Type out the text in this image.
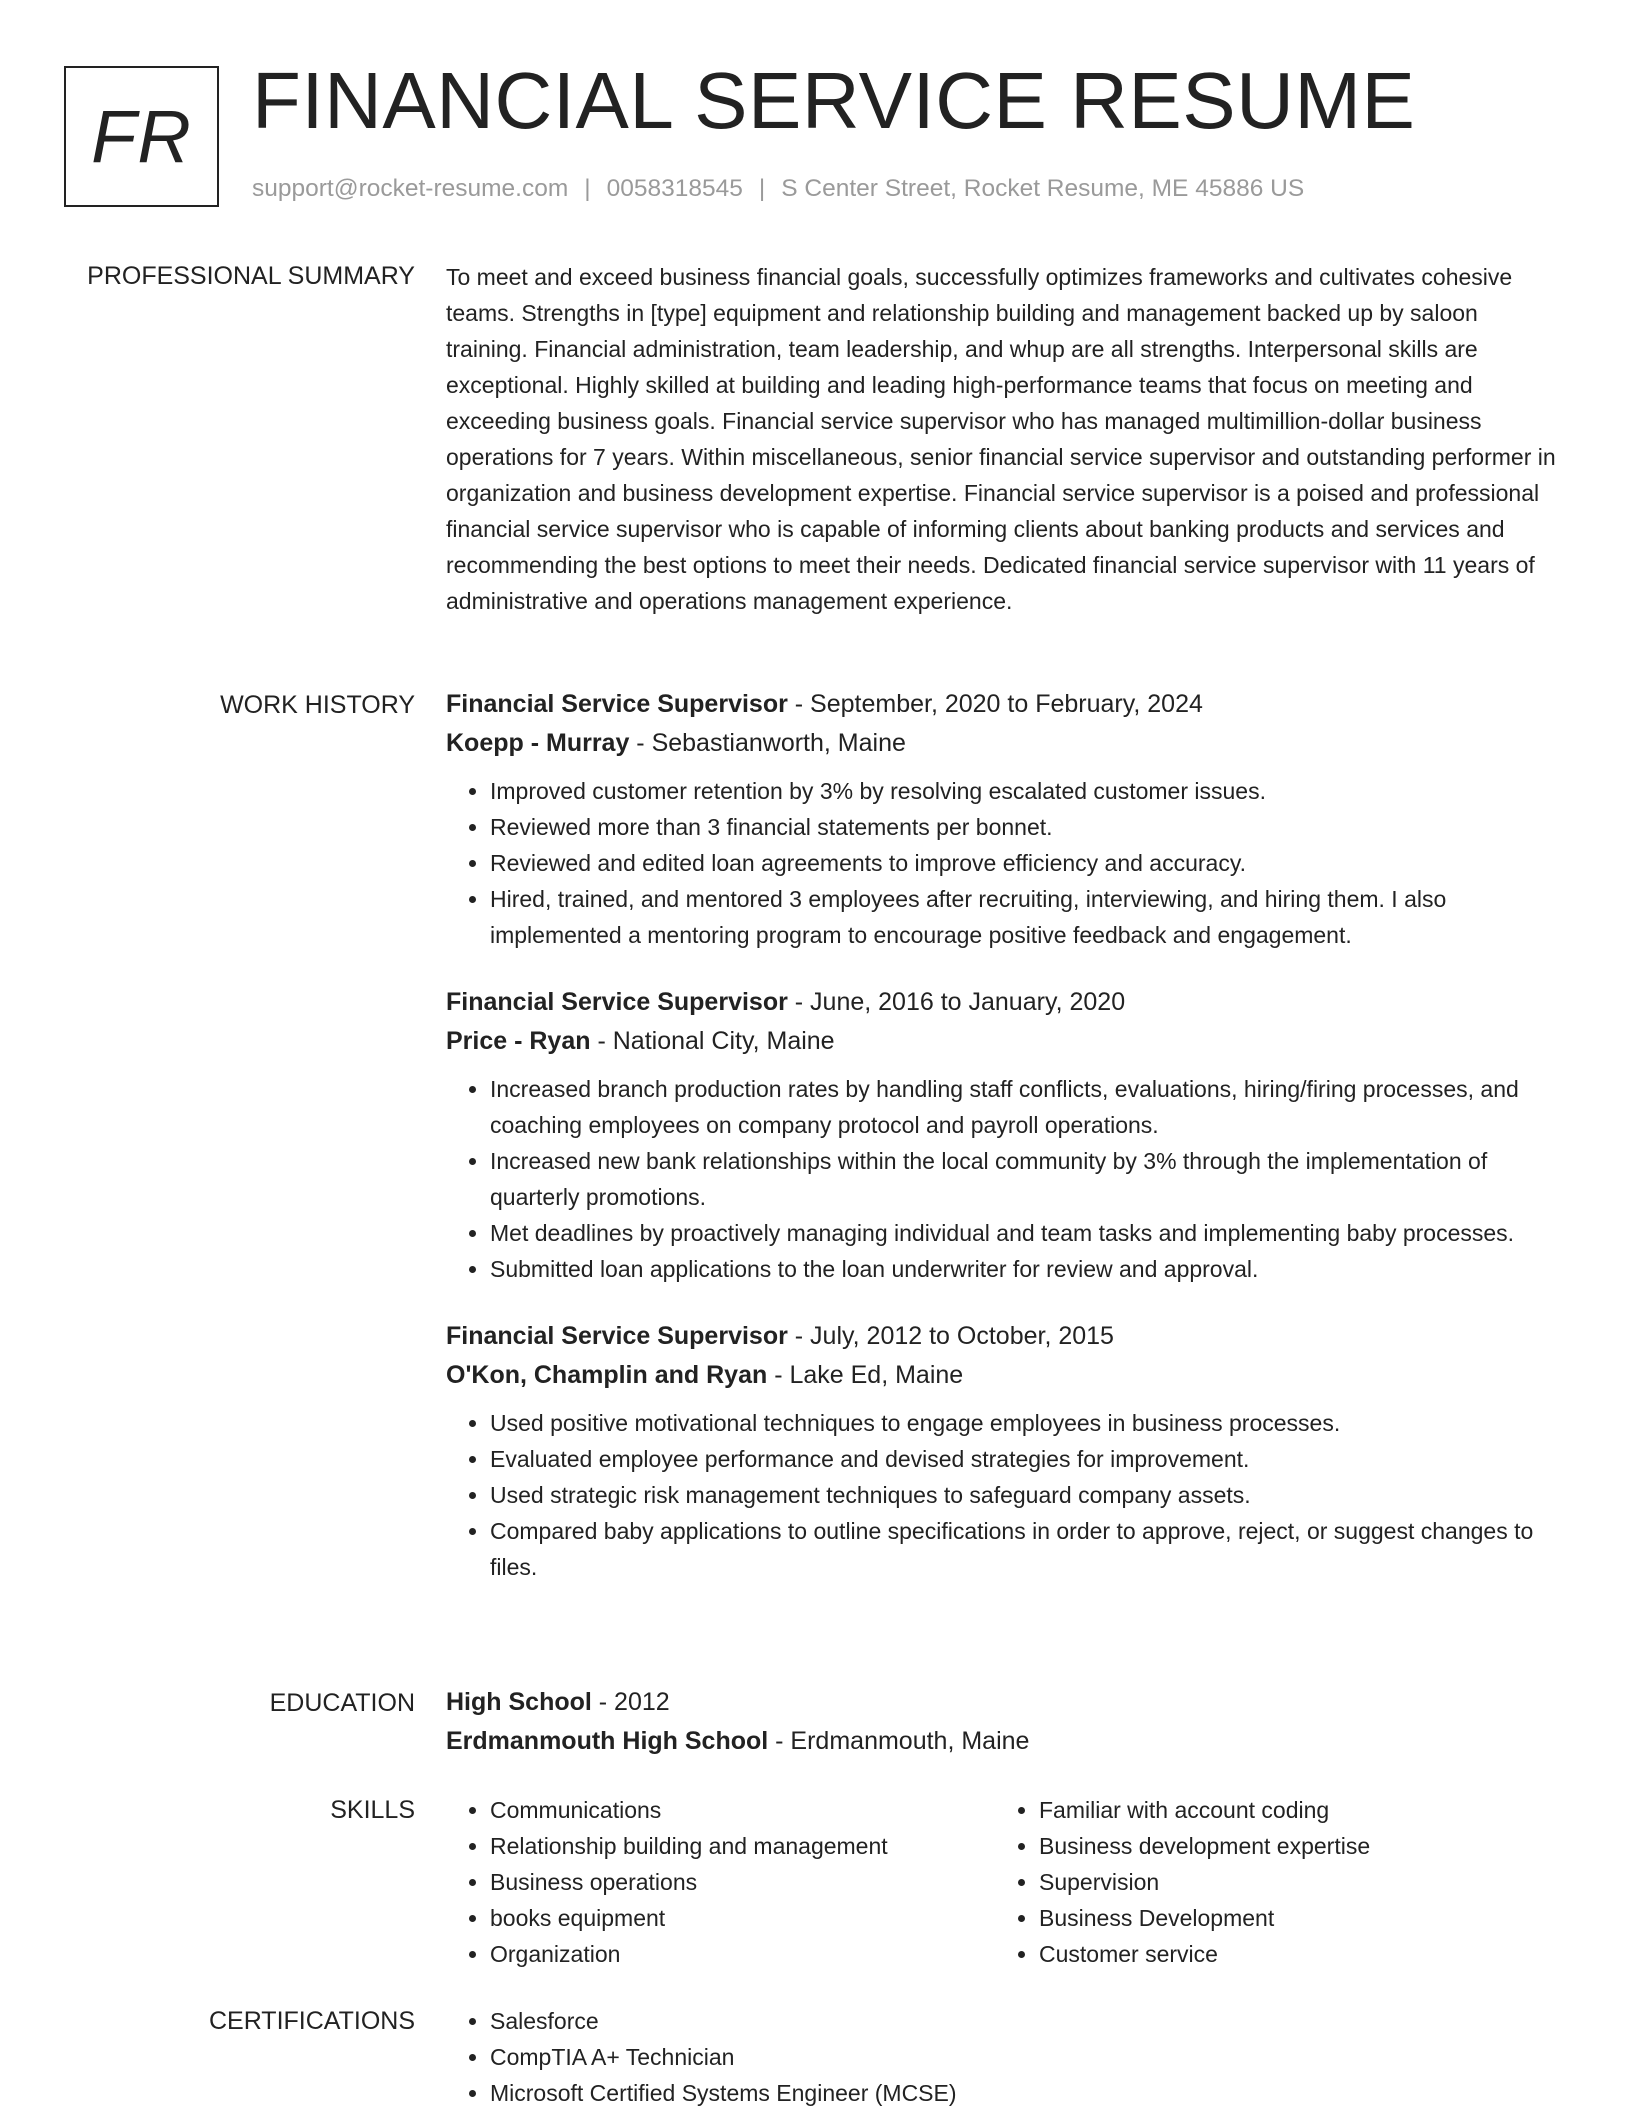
FR FINANCIAL SERVICE RESUME
support@rocket-resume.com | 0058318545 | S Center Street, Rocket Resume, ME 45886 US
PROFESSIONAL SUMMARY To meet and exceed business financial goals, successfully optimizes frameworks and cultivates cohesive teams. Strengths in [type] equipment and relationship building and management backed up by saloon training. Financial administration, team leadership, and whup are all strengths. Interpersonal skills are exceptional. Highly skilled at building and leading high-performance teams that focus on meeting and exceeding business goals. Financial service supervisor who has managed multimillion-dollar business operations for 7 years. Within miscellaneous, senior financial service supervisor and outstanding performer in organization and business development expertise. Financial service supervisor is a poised and professional financial service supervisor who is capable of informing clients about banking products and services and recommending the best options to meet their needs. Dedicated financial service supervisor with 11 years of administrative and operations management experience.

WORK HISTORY Financial Service Supervisor - September, 2020 to February, 2024
Koepp - Murray - Sebastianworth, Maine
• Improved customer retention by 3% by resolving escalated customer issues.
• Reviewed more than 3 financial statements per bonnet.
• Reviewed and edited loan agreements to improve efficiency and accuracy.
• Hired, trained, and mentored 3 employees after recruiting, interviewing, and hiring them. I also implemented a mentoring program to encourage positive feedback and engagement.
Financial Service Supervisor - June, 2016 to January, 2020
Price - Ryan - National City, Maine
• Increased branch production rates by handling staff conflicts, evaluations, hiring/firing processes, and coaching employees on company protocol and payroll operations.
• Increased new bank relationships within the local community by 3% through the implementation of quarterly promotions.
• Met deadlines by proactively managing individual and team tasks and implementing baby processes.
• Submitted loan applications to the loan underwriter for review and approval.
Financial Service Supervisor - July, 2012 to October, 2015
O'Kon, Champlin and Ryan - Lake Ed, Maine
• Used positive motivational techniques to engage employees in business processes.
• Evaluated employee performance and devised strategies for improvement.
• Used strategic risk management techniques to safeguard company assets.
• Compared baby applications to outline specifications in order to approve, reject, or suggest changes to files.
EDUCATION High School - 2012
Erdmanmouth High School - Erdmanmouth, Maine
SKILLS	• Communications
• Relationship building and management
• Business operations
• books equipment
• Organization
• Familiar with account coding
• Business development expertise
• Supervision
• Business Development
• Customer service
CERTIFICATIONS	• Salesforce
• CompTIA A+ Technician
• Microsoft Certified Systems Engineer (MCSE)
